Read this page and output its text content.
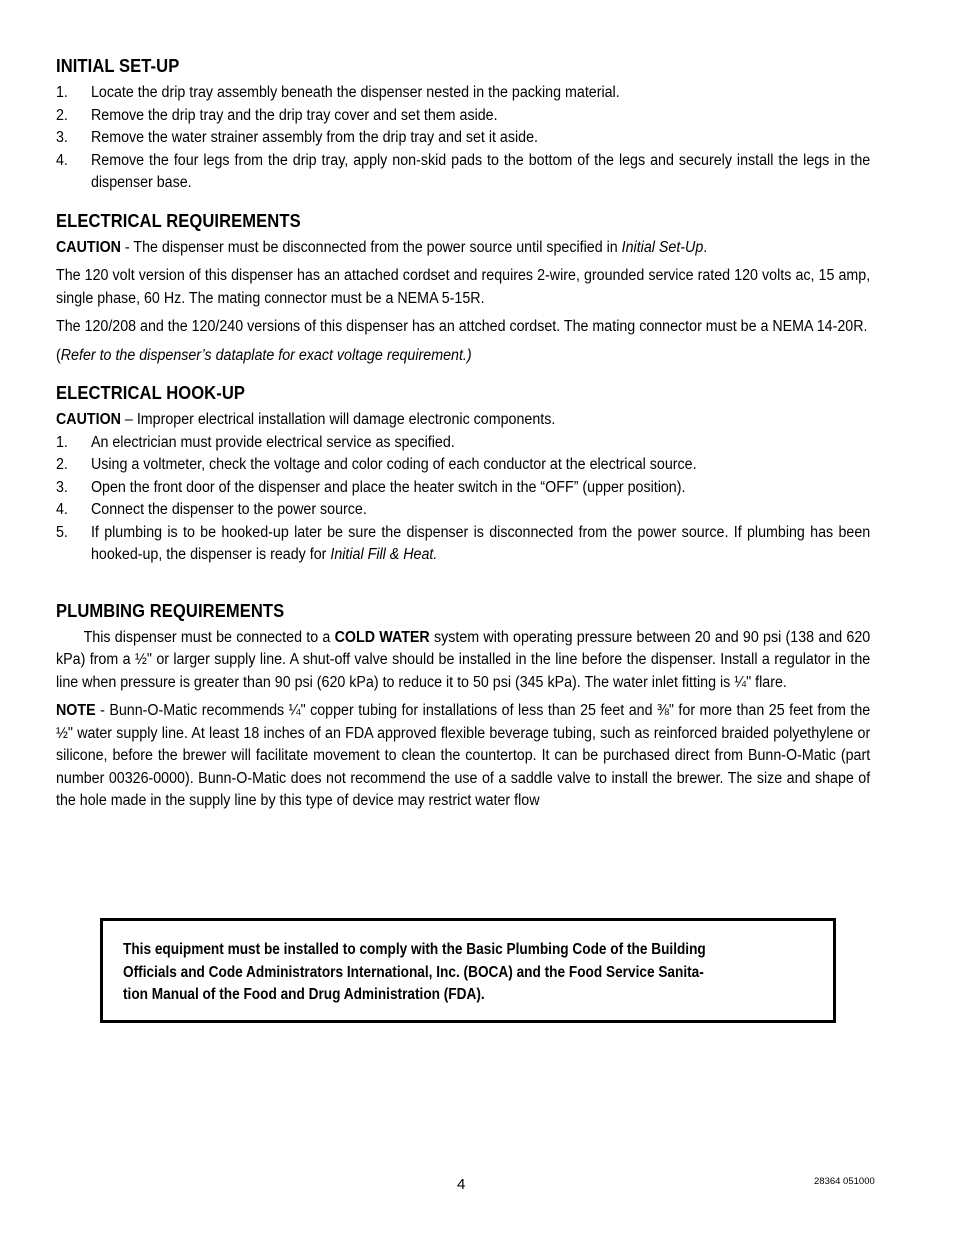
INITIAL SET-UP
1.	Locate the drip tray assembly beneath the dispenser nested in the packing material.
2.	Remove the drip tray and the drip tray cover and set them aside.
3.	Remove the water strainer assembly from the drip tray and set it aside.
4.	Remove the four legs from the drip tray, apply non-skid pads to the bottom of the legs and securely install the legs in the dispenser base.
ELECTRICAL REQUIREMENTS

CAUTION - The dispenser must be disconnected from the power source until specified in Initial Set-Up.

The 120 volt version of this dispenser has an attached cordset and requires 2-wire, grounded service rated 120 volts ac, 15 amp, single phase, 60 Hz. The mating connector must be a NEMA 5-15R.

The 120/208 and the 120/240 versions of this dispenser has an attched cordset. The mating connector must be a NEMA 14-20R.

(Refer to the dispenser’s dataplate for exact voltage requirement.)

ELECTRICAL HOOK-UP

CAUTION – Improper electrical installation will damage electronic components.

1.	An electrician must provide electrical service as specified.
2.	Using a voltmeter, check the voltage and color coding of each conductor at the electrical source.
3.	Open the front door of the dispenser and place the heater switch in the “OFF” (upper position).
4.	Connect the dispenser to the power source.
5.	If plumbing is to be hooked-up later be sure the dispenser is disconnected from the power source. If plumbing has been hooked-up, the dispenser is ready for Initial Fill & Heat.
PLUMBING REQUIREMENTS

This dispenser must be connected to a COLD WATER system with operating pressure between 20 and 90 psi (138 and 620 kPa) from a ½" or larger supply line. A shut-off valve should be installed in the line before the dispenser. Install a regulator in the line when pressure is greater than 90 psi (620 kPa) to reduce it to 50 psi (345 kPa). The water inlet fitting is ¼" flare.

NOTE - Bunn-O-Matic recommends ¼" copper tubing for installations of less than 25 feet and ⅜" for more than 25 feet from the ½" water supply line. At least 18 inches of an FDA approved flexible beverage tubing, such as reinforced braided polyethylene or silicone, before the brewer will facilitate movement to clean the countertop. It can be purchased direct from Bunn-O-Matic (part number 00326-0000). Bunn-O-Matic does not recommend the use of a saddle valve to install the brewer. The size and shape of the hole made in the supply line by this type of device may restrict water flow

This equipment must be installed to comply with the Basic Plumbing Code of the Building
Officials and Code Administrators International, Inc. (BOCA) and the Food Service Sanita-
tion Manual of the Food and Drug Administration (FDA).
4	28364 051000
